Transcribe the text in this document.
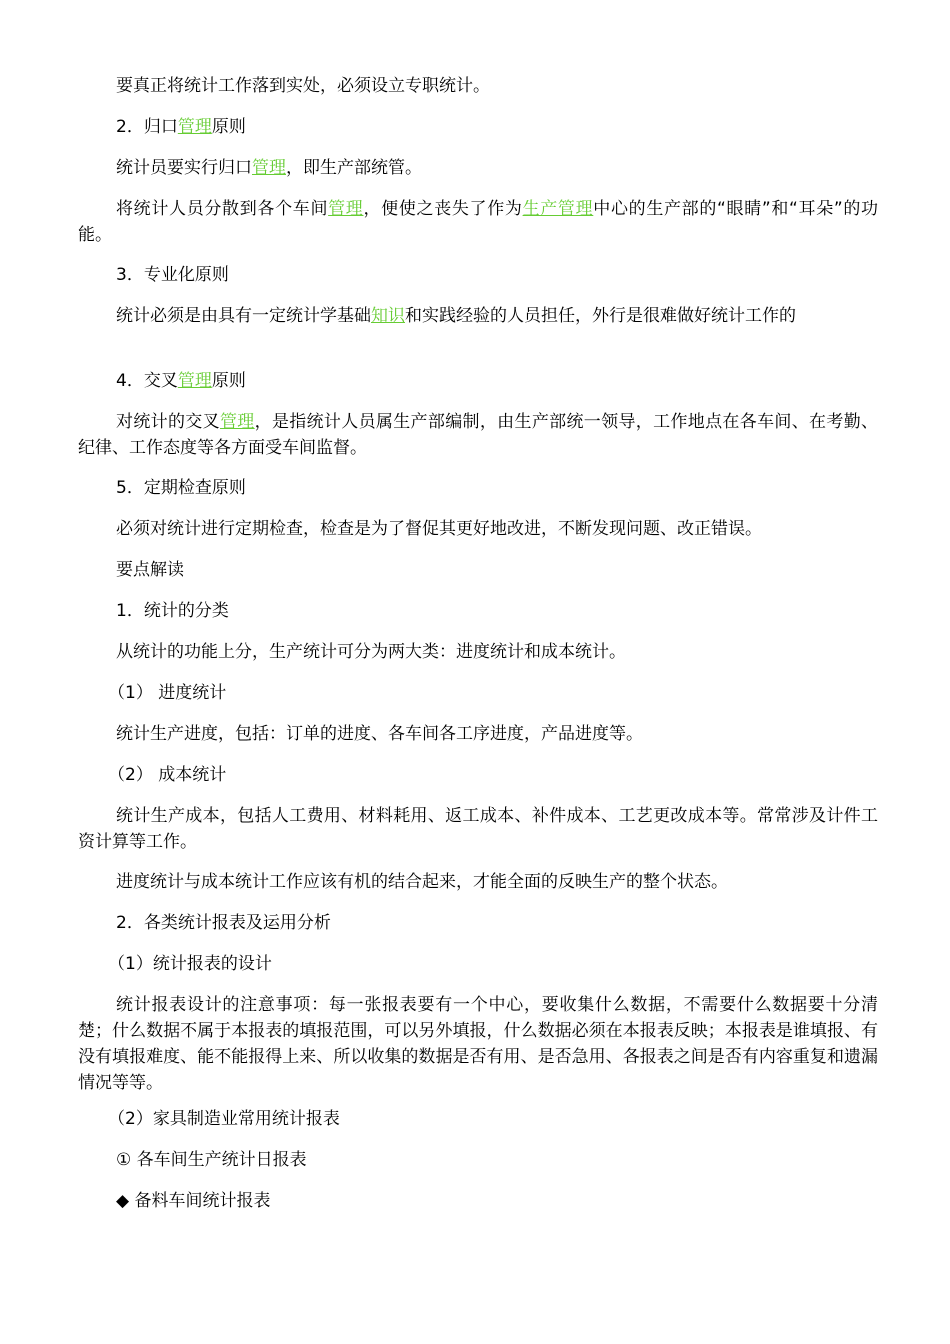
要真正将统计工作落到实处，必须设立专职统计。
2．归口管理原则
统计员要实行归口管理，即生产部统管。
将统计人员分散到各个车间管理，便使之丧失了作为生产管理中心的生产部的“眼睛”和“耳朵”的功能。
3．专业化原则
统计必须是由具有一定统计学基础知识和实践经验的人员担任，外行是很难做好统计工作的
4．交叉管理原则
对统计的交叉管理，是指统计人员属生产部编制，由生产部统一领导，工作地点在各车间、在考勤、纪律、工作态度等各方面受车间监督。
5．定期检查原则
必须对统计进行定期检查，检查是为了督促其更好地改进，不断发现问题、改正错误。
要点解读
1．统计的分类
从统计的功能上分，生产统计可分为两大类：进度统计和成本统计。
（1） 进度统计
统计生产进度，包括：订单的进度、各车间各工序进度，产品进度等。
（2） 成本统计
统计生产成本，包括人工费用、材料耗用、返工成本、补件成本、工艺更改成本等。常常涉及计件工资计算等工作。
进度统计与成本统计工作应该有机的结合起来，才能全面的反映生产的整个状态。
2．各类统计报表及运用分析
（1）统计报表的设计
统计报表设计的注意事项：每一张报表要有一个中心，要收集什么数据，不需要什么数据要十分清楚；什么数据不属于本报表的填报范围，可以另外填报，什么数据必须在本报表反映；本报表是谁填报、有没有填报难度、能不能报得上来、所以收集的数据是否有用、是否急用、各报表之间是否有内容重复和遗漏情况等等。
（2）家具制造业常用统计报表
① 各车间生产统计日报表
◆ 备料车间统计报表
